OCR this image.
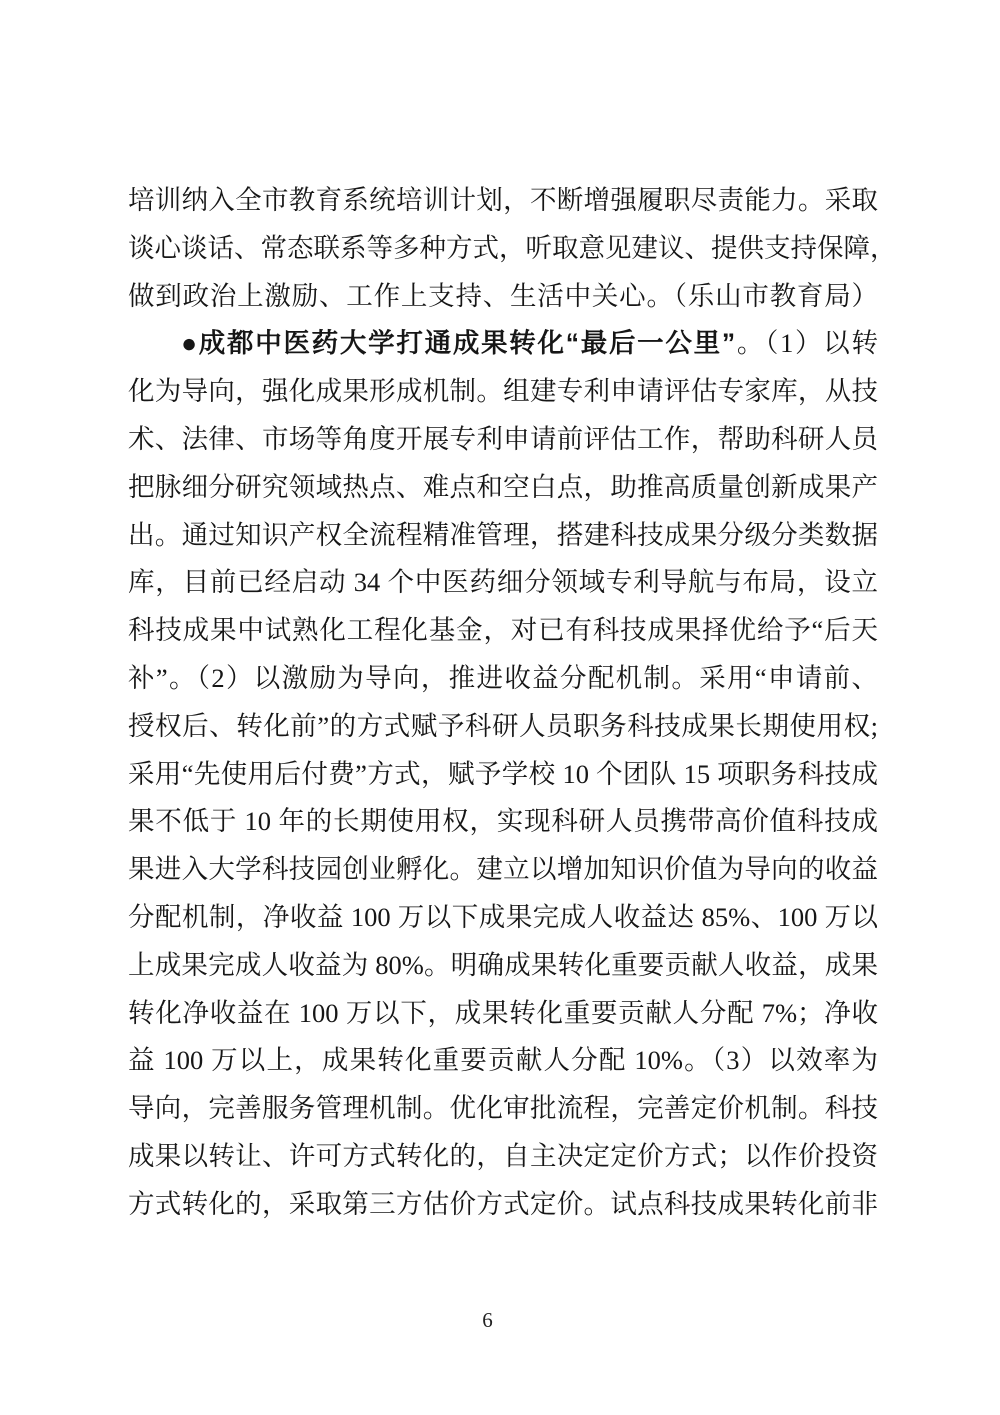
培训纳入全市教育系统培训计划，不断增强履职尽责能力。采取
谈心谈话、常态联系等多种方式，听取意见建议、提供支持保障，
做到政治上激励、工作上支持、生活中关心。（乐山市教育局）
●成都中医药大学打通成果转化“最后一公里”。（1）以转
化为导向，强化成果形成机制。组建专利申请评估专家库，从技
术、法律、市场等角度开展专利申请前评估工作，帮助科研人员
把脉细分研究领域热点、难点和空白点，助推高质量创新成果产
出。通过知识产权全流程精准管理，搭建科技成果分级分类数据
库，目前已经启动 34 个中医药细分领域专利导航与布局，设立
科技成果中试熟化工程化基金，对已有科技成果择优给予“后天
补”。（2）以激励为导向，推进收益分配机制。采用“申请前、
授权后、转化前”的方式赋予科研人员职务科技成果长期使用权;
采用“先使用后付费”方式，赋予学校 10 个团队 15 项职务科技成
果不低于 10 年的长期使用权，实现科研人员携带高价值科技成
果进入大学科技园创业孵化。建立以增加知识价值为导向的收益
分配机制，净收益 100 万以下成果完成人收益达 85%、100 万以
上成果完成人收益为 80%。明确成果转化重要贡献人收益，成果
转化净收益在 100 万以下，成果转化重要贡献人分配 7%；净收
益 100 万以上，成果转化重要贡献人分配 10%。（3）以效率为
导向，完善服务管理机制。优化审批流程，完善定价机制。科技
成果以转让、许可方式转化的，自主决定定价方式；以作价投资
方式转化的，采取第三方估价方式定价。试点科技成果转化前非
6
